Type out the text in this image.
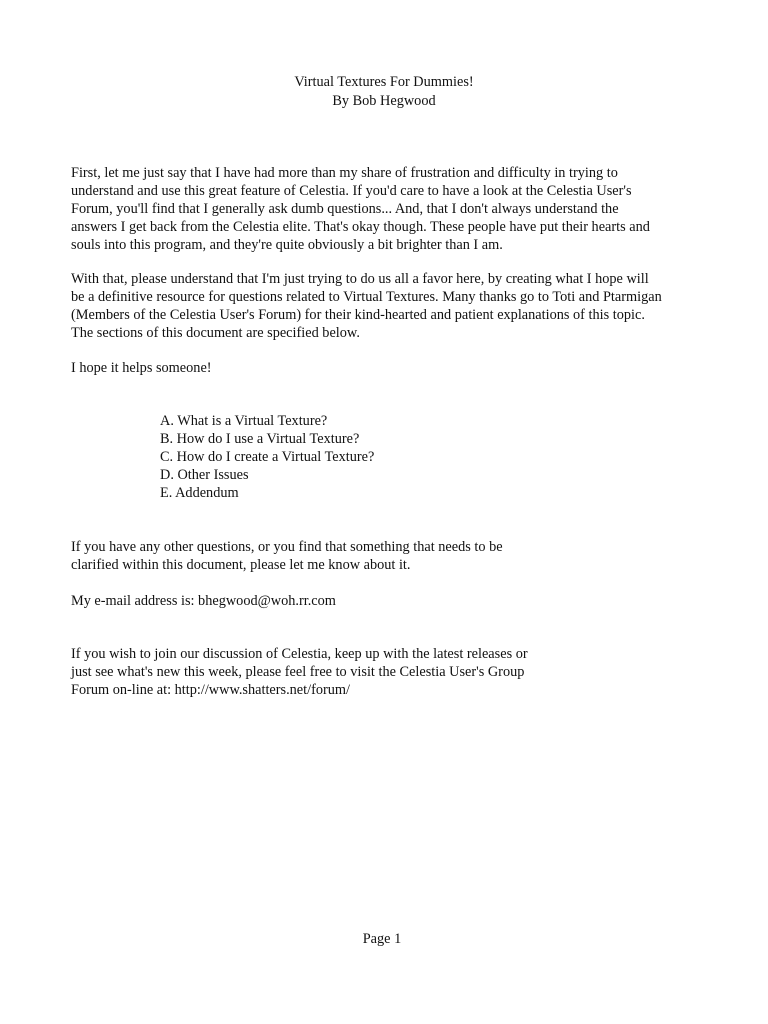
Virtual Textures For Dummies!
By Bob Hegwood

First, let me just say that I have had more than my share of frustration and difficulty in trying to
understand and use this great feature of Celestia. If you'd care to have a look at the Celestia User's
Forum, you'll find that I generally ask dumb questions... And, that I don't always understand the
answers I get back from the Celestia elite. That's okay though. These people have put their hearts and
souls into this program, and they're quite obviously a bit brighter than I am.

With that, please understand that I'm just trying to do us all a favor here, by creating what I hope will
be a definitive resource for questions related to Virtual Textures. Many thanks go to Toti and Ptarmigan
(Members of the Celestia User's Forum) for their kind-hearted and patient explanations of this topic.
The sections of this document are specified below.

I hope it helps someone!

A. What is a Virtual Texture?
B. How do I use a Virtual Texture?
C. How do I create a Virtual Texture?
D. Other Issues
E. Addendum

If you have any other questions, or you find that something that needs to be
clarified within this document, please let me know about it.

My e-mail address is: bhegwood@woh.rr.com

If you wish to join our discussion of Celestia, keep up with the latest releases or
just see what's new this week, please feel free to visit the Celestia User's Group
Forum on-line at: http://www.shatters.net/forum/

Page 1
